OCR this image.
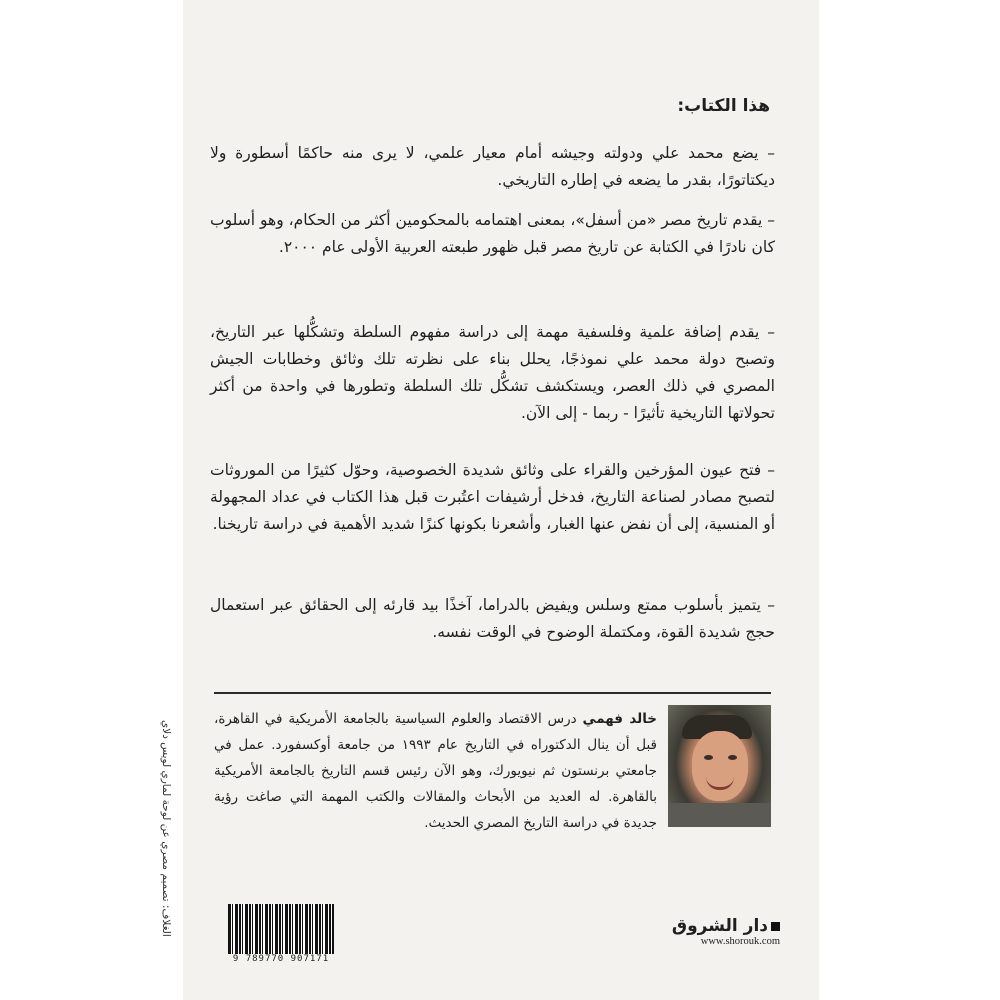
هذا الكتاب:

– يضع محمد علي ودولته وجيشه أمام معيار علمي، لا يرى منه حاكمًا أسطورة ولا ديكتاتورًا، بقدر ما يضعه في إطاره التاريخي.

– يقدم تاريخ مصر «من أسفل»، بمعنى اهتمامه بالمحكومين أكثر من الحكام، وهو أسلوب كان نادرًا في الكتابة عن تاريخ مصر قبل ظهور طبعته العربية الأولى عام ٢٠٠٠.

– يقدم إضافة علمية وفلسفية مهمة إلى دراسة مفهوم السلطة وتشكُّلها عبر التاريخ، وتصبح دولة محمد علي نموذجًا، يحلل بناء على نظرته تلك وثائق وخطابات الجيش المصري في ذلك العصر، ويستكشف تشكُّل تلك السلطة وتطورها في واحدة من أكثر تحولاتها التاريخية تأثيرًا - ربما - إلى الآن.

– فتح عيون المؤرخين والقراء على وثائق شديدة الخصوصية، وحوّل كثيرًا من الموروثات لتصبح مصادر لصناعة التاريخ، فدخل أرشيفات اعتُبرت قبل هذا الكتاب في عداد المجهولة أو المنسية، إلى أن نفض عنها الغبار، وأشعرنا بكونها كنزًا شديد الأهمية في دراسة تاريخنا.

– يتميز بأسلوب ممتع وسلس ويفيض بالدراما، آخذًا بيد قارئه إلى الحقائق عبر استعمال حجج شديدة القوة، ومكتملة الوضوح في الوقت نفسه.

خالد فهمي درس الاقتصاد والعلوم السياسية بالجامعة الأمريكية في القاهرة، قبل أن ينال الدكتوراه في التاريخ عام ١٩٩٣ من جامعة أوكسفورد. عمل في جامعتي برنستون ثم نيويورك، وهو الآن رئيس قسم التاريخ بالجامعة الأمريكية بالقاهرة. له العديد من الأبحاث والمقالات والكتب المهمة التي صاغت رؤية جديدة في دراسة التاريخ المصري الحديث.
الغلاف: تصميم مصري عن لوحة لماري لويس دلاي
9 789770 907171
دار الشروق
www.shorouk.com
